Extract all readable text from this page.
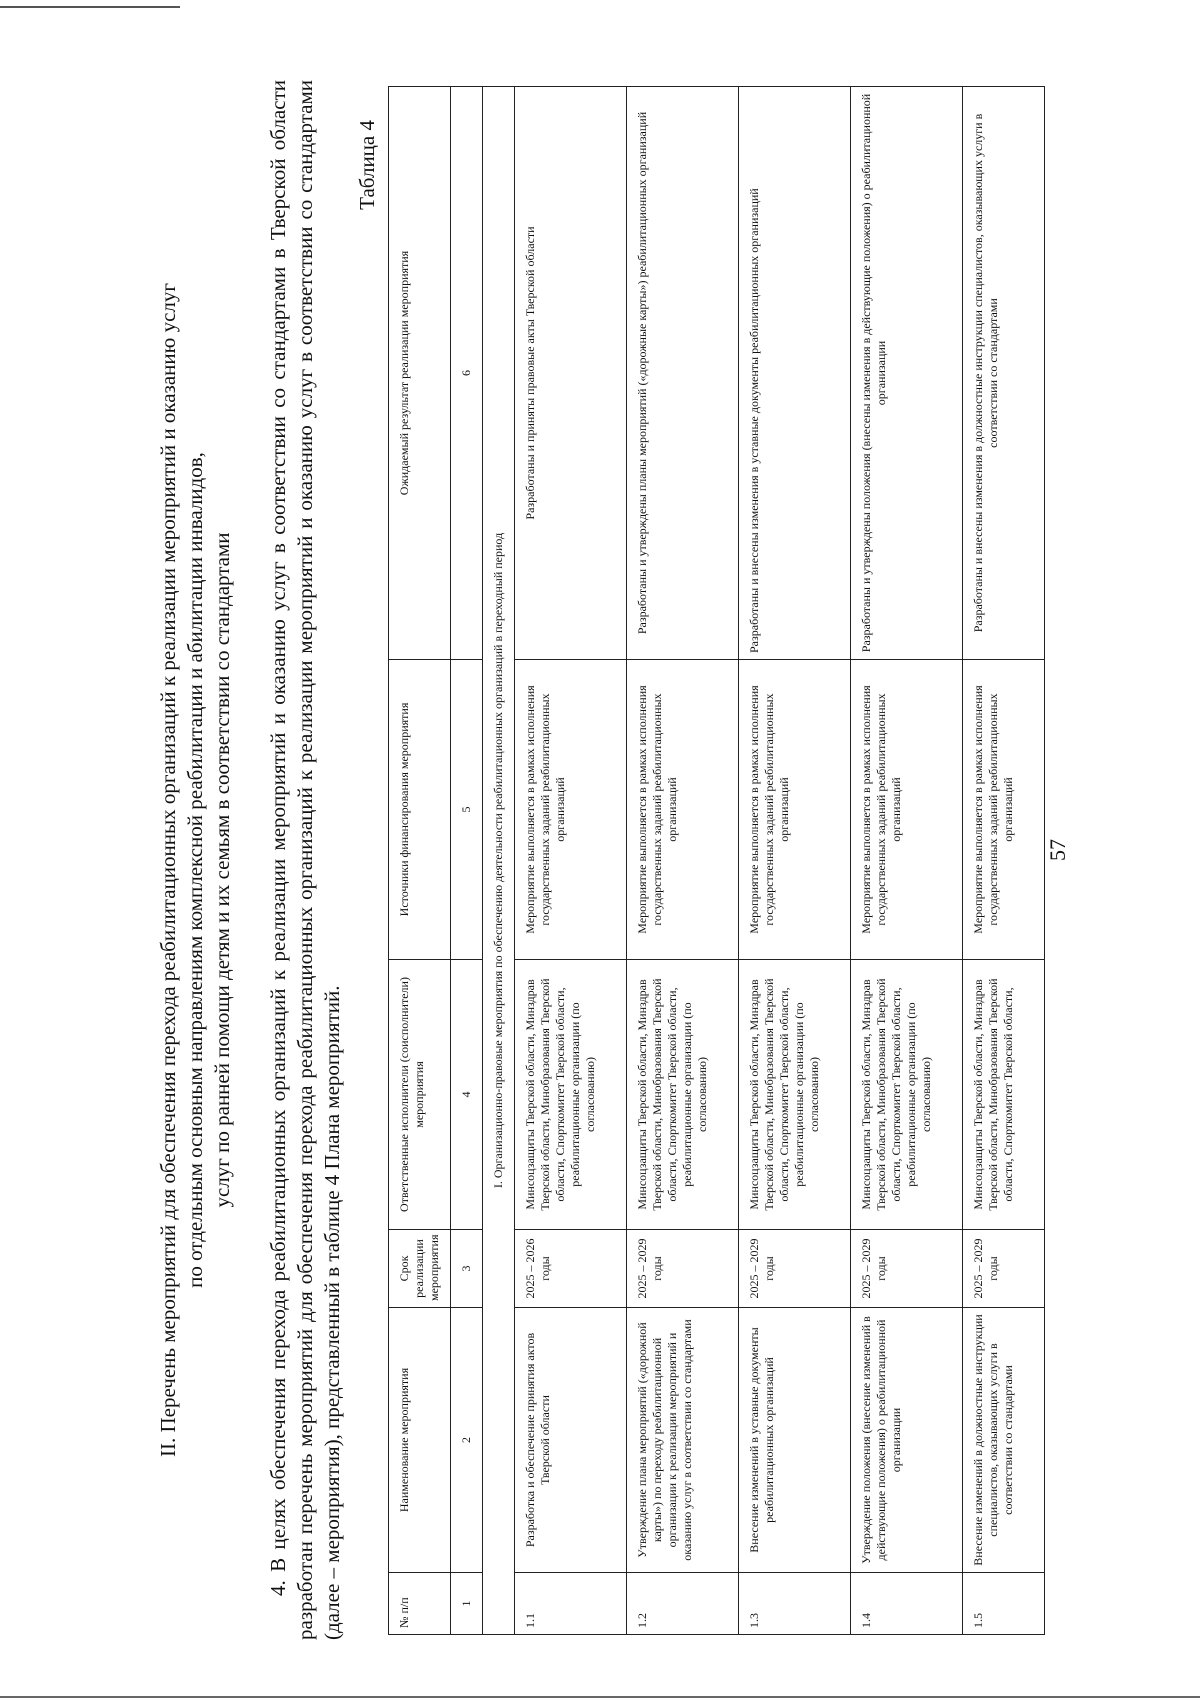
57
II. Перечень мероприятий для обеспечения перехода реабилитационных организаций к реализации мероприятий и оказанию услуг по отдельным основным направлениям комплексной реабилитации и абилитации инвалидов, услуг по ранней помощи детям и их семьям в соответствии со стандартами 4. В целях обеспечения перехода реабилитационных организаций к реализации мероприятий и оказанию услуг в соответствии со стандартами в Тверской области разработан перечень мероприятий для обеспечения перехода реабилитационных организаций к реализации мероприятий и оказанию услуг в соответствии со стандартами (далее – мероприятия), представленный в таблице 4 Плана мероприятий.
Таблица 4
№ п/п	Наименование мероприятия	Срок реализации мероприятия	Ответственные исполнители (соисполнители) мероприятия	Источники финансирования мероприятия	Ожидаемый результат реализации мероприятия
1	2	3	4	5	6
I. Организационно-правовые мероприятия по обеспечению деятельности реабилитационных организаций в переходный период					
1.1	Разработка и обеспечение принятия актов Тверской области	2025 – 2026 годы	Минсоцзащиты Тверской области, Минздрав Тверской области, Минобразования Тверской области, Спорткомитет Тверской области, реабилитационные организации (по согласованию)	Мероприятие выполняется в рамках исполнения государственных заданий реабилитационных организаций	Разработаны и приняты правовые акты Тверской области
1.2	Утверждение плана мероприятий («дорожной карты») по переходу реабилитационной организации к реализации мероприятий и оказанию услуг в соответствии со стандартами	2025 – 2029 годы	Минсоцзащиты Тверской области, Минздрав Тверской области, Минобразования Тверской области, Спорткомитет Тверской области, реабилитационные организации (по согласованию)	Мероприятие выполняется в рамках исполнения государственных заданий реабилитационных организаций	Разработаны и утверждены планы мероприятий («дорожные карты») реабилитационных организаций
1.3	Внесение изменений в уставные документы реабилитационных организаций	2025 – 2029 годы	Минсоцзащиты Тверской области, Минздрав Тверской области, Минобразования Тверской области, Спорткомитет Тверской области, реабилитационные организации (по согласованию)	Мероприятие выполняется в рамках исполнения государственных заданий реабилитационных организаций	Разработаны и внесены изменения в уставные документы реабилитационных организаций
1.4	Утверждение положения (внесение изменений в действующие положения) о реабилитационной организации	2025 – 2029 годы	Минсоцзащиты Тверской области, Минздрав Тверской области, Минобразования Тверской области, Спорткомитет Тверской области, реабилитационные организации (по согласованию)	Мероприятие выполняется в рамках исполнения государственных заданий реабилитационных организаций	Разработаны и утверждены положения (внесены изменения в действующие положения) о реабилитационной организации
1.5	Внесение изменений в должностные инструкции специалистов, оказывающих услуги в соответствии со стандартами	2025 – 2029 годы	Минсоцзащиты Тверской области, Минздрав Тверской области, Минобразования Тверской области, Спорткомитет Тверской области,	Мероприятие выполняется в рамках исполнения государственных заданий реабилитационных организаций	Разработаны и внесены изменения в должностные инструкции специалистов, оказывающих услуги в соответствии со стандартами
